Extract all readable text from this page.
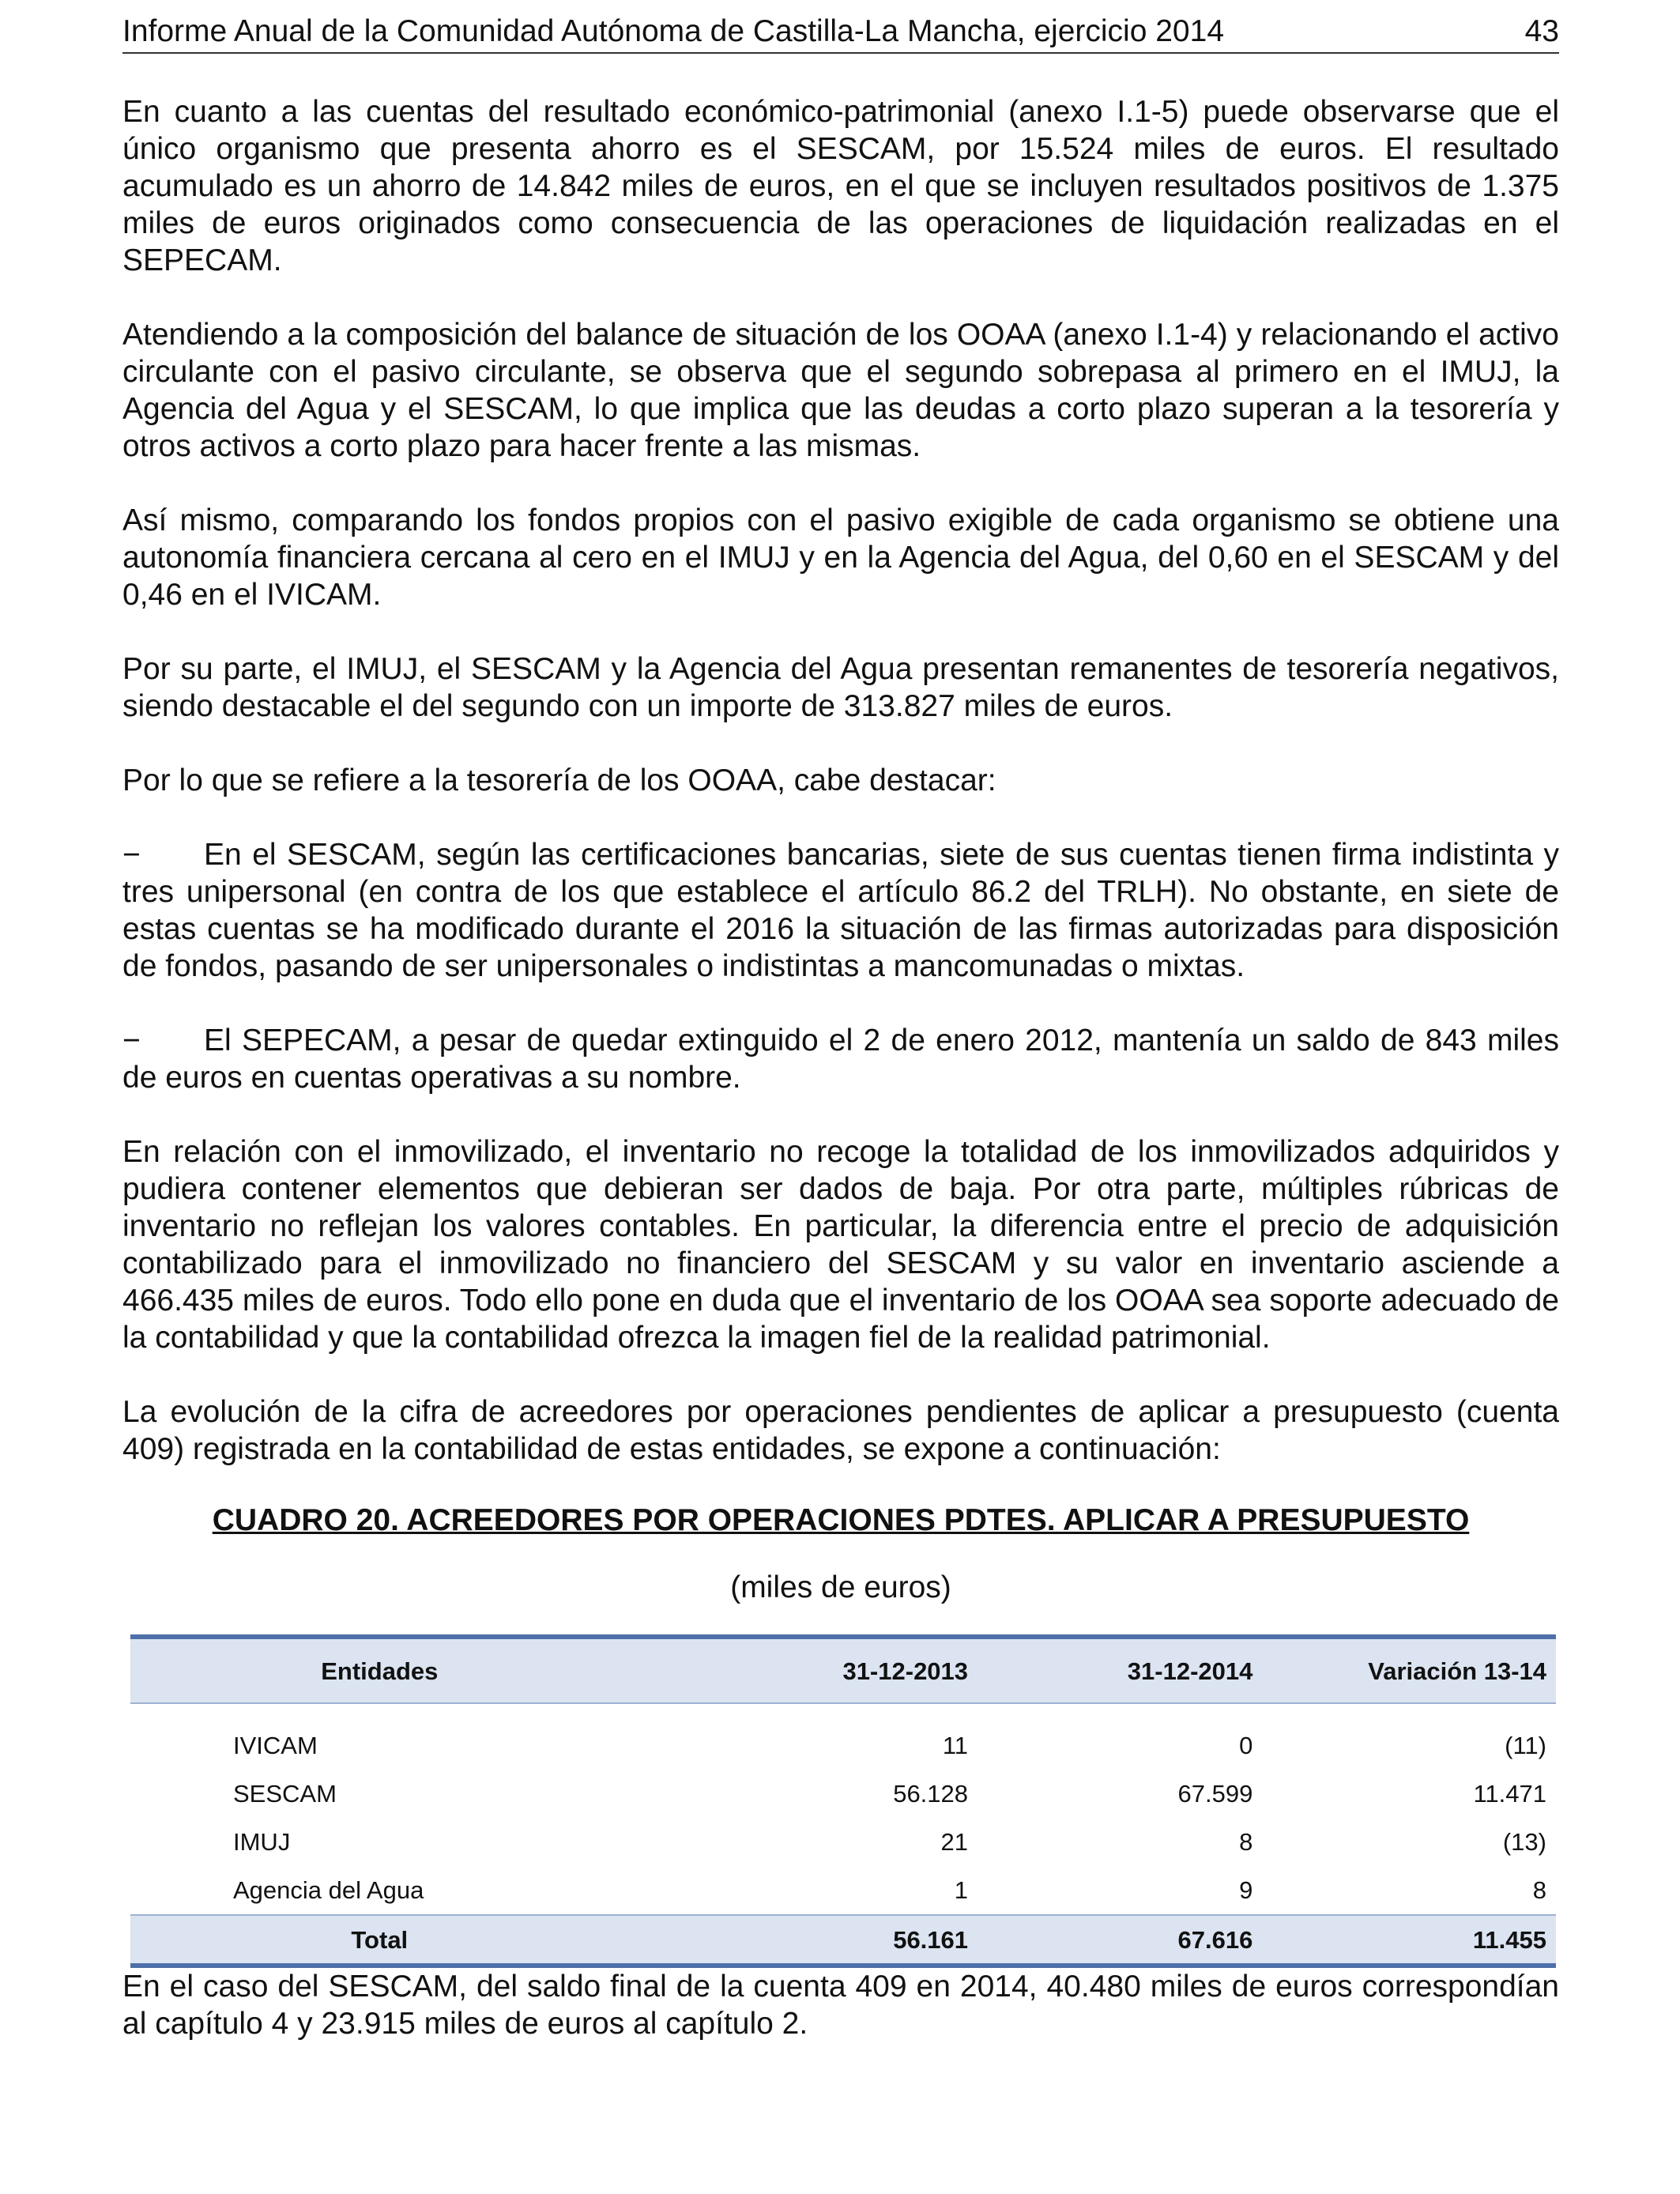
Informe Anual de la Comunidad Autónoma de Castilla-La Mancha, ejercicio 2014	43

En cuanto a las cuentas del resultado económico-patrimonial (anexo I.1-5) puede observarse que el único organismo que presenta ahorro es el SESCAM, por 15.524 miles de euros. El resultado acumulado es un ahorro de 14.842 miles de euros, en el que se incluyen resultados positivos de 1.375 miles de euros originados como consecuencia de las operaciones de liquidación realizadas en el SEPECAM.

Atendiendo a la composición del balance de situación de los OOAA (anexo I.1-4) y relacionando el activo circulante con el pasivo circulante, se observa que el segundo sobrepasa al primero en el IMUJ, la Agencia del Agua y el SESCAM, lo que implica que las deudas a corto plazo superan a la tesorería y otros activos a corto plazo para hacer frente a las mismas.

Así mismo, comparando los fondos propios con el pasivo exigible de cada organismo se obtiene una autonomía financiera cercana al cero en el IMUJ y en la Agencia del Agua, del 0,60 en el SESCAM y del 0,46 en el IVICAM.

Por su parte, el IMUJ, el SESCAM y la Agencia del Agua presentan remanentes de tesorería negativos, siendo destacable el del segundo con un importe de 313.827 miles de euros.

Por lo que se refiere a la tesorería de los OOAA, cabe destacar:

− En el SESCAM, según las certificaciones bancarias, siete de sus cuentas tienen firma indistinta y tres unipersonal (en contra de los que establece el artículo 86.2 del TRLH). No obstante, en siete de estas cuentas se ha modificado durante el 2016 la situación de las firmas autorizadas para disposición de fondos, pasando de ser unipersonales o indistintas a mancomunadas o mixtas.

− El SEPECAM, a pesar de quedar extinguido el 2 de enero 2012, mantenía un saldo de 843 miles de euros en cuentas operativas a su nombre.

En relación con el inmovilizado, el inventario no recoge la totalidad de los inmovilizados adquiridos y pudiera contener elementos que debieran ser dados de baja. Por otra parte, múltiples rúbricas de inventario no reflejan los valores contables. En particular, la diferencia entre el precio de adquisición contabilizado para el inmovilizado no financiero del SESCAM y su valor en inventario asciende a 466.435 miles de euros. Todo ello pone en duda que el inventario de los OOAA sea soporte adecuado de la contabilidad y que la contabilidad ofrezca la imagen fiel de la realidad patrimonial.

La evolución de la cifra de acreedores por operaciones pendientes de aplicar a presupuesto (cuenta 409) registrada en la contabilidad de estas entidades, se expone a continuación:

CUADRO 20. ACREEDORES POR OPERACIONES PDTES. APLICAR A PRESUPUESTO
(miles de euros)
Entidades	31-12-2013	31-12-2014	Variación 13-14

IVICAM	11	0	(11)
SESCAM	56.128	67.599	11.471
IMUJ	21	8	(13)
Agencia del Agua	1	9	8
Total	56.161	67.616	11.455

En el caso del SESCAM, del saldo final de la cuenta 409 en 2014, 40.480 miles de euros correspondían al capítulo 4 y 23.915 miles de euros al capítulo 2.
